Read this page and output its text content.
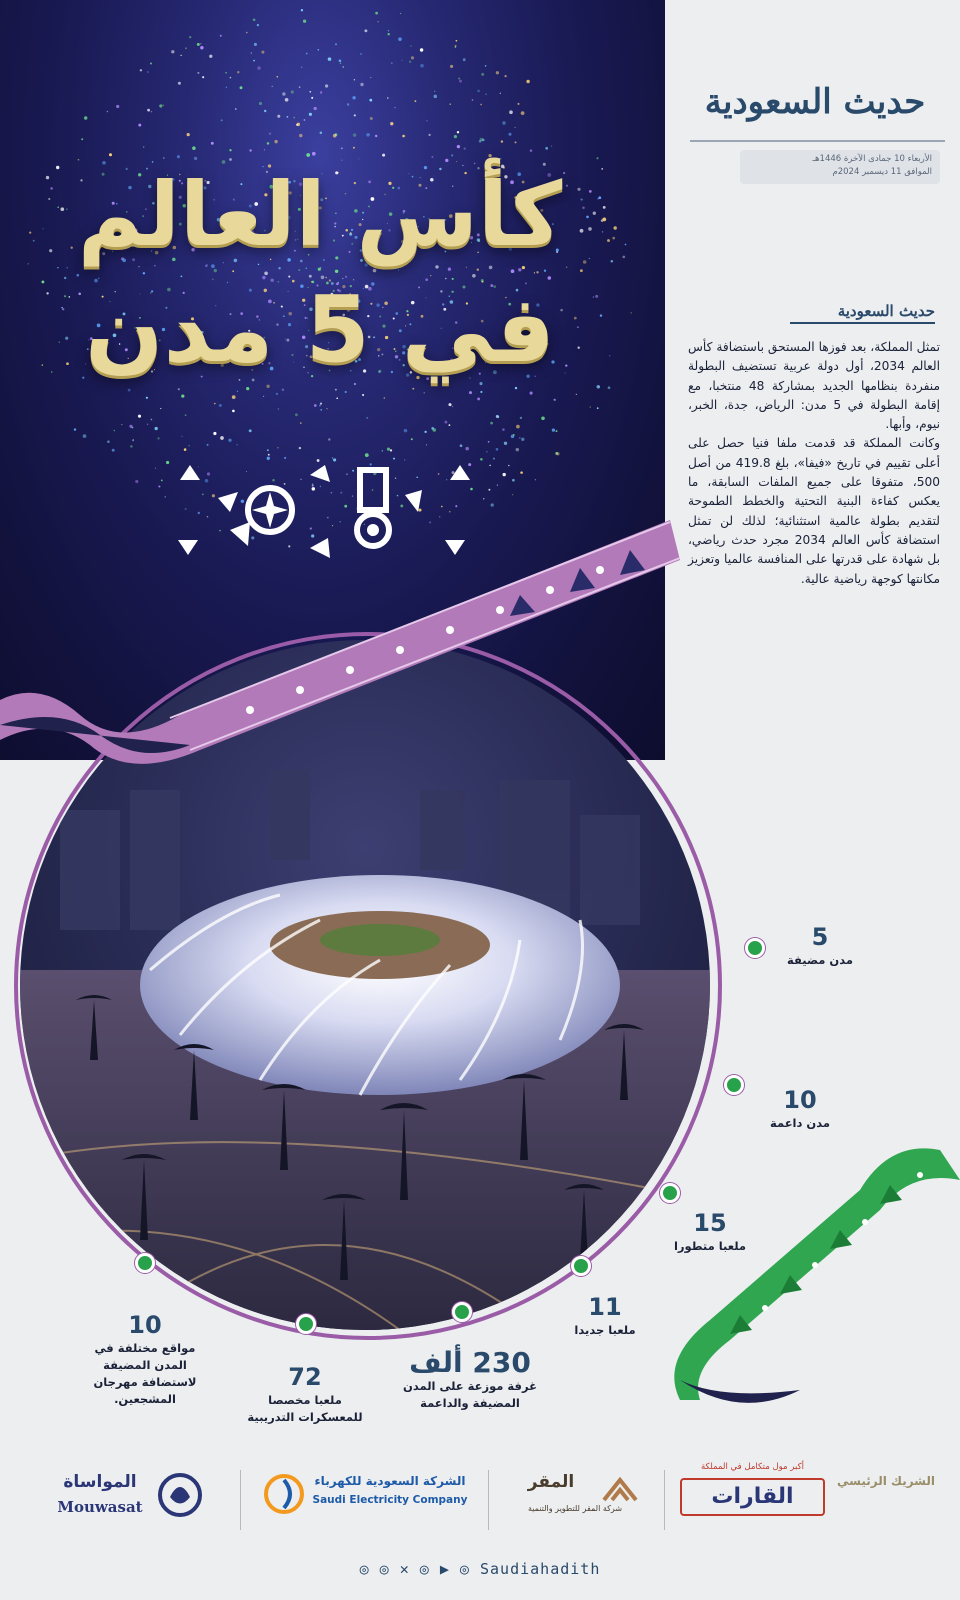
كأس العالم
في 5 مدن
حديث السعودية
الأربعاء 10 جمادى الآخرة 1446هـ
الموافق 11 ديسمبر 2024م
حديث السعودية

تمثل المملكة، بعد فوزها المستحق باستضافة كأس العالم 2034، أول دولة عربية تستضيف البطولة منفردة بنظامها الجديد بمشاركة 48 منتخبا، مع إقامة البطولة في 5 مدن: الرياض، جدة، الخبر، نيوم، وأبها.

وكانت المملكة قد قدمت ملفا فنيا حصل على أعلى تقييم في تاريخ «فيفا»، بلغ 419.8 من أصل 500، متفوقا على جميع الملفات السابقة، ما يعكس كفاءة البنية التحتية والخطط الطموحة لتقديم بطولة عالمية استثنائية؛ لذلك لن تمثل استضافة كأس العالم 2034 مجرد حدث رياضي، بل شهادة على قدرتها على المنافسة عالميا وتعزيز مكانتها كوجهة رياضية عالية.

5
مدن مضيفة
10
مدن داعمة
15
ملعبا متطورا
11
ملعبا جديدا
230 ألف
غرفة موزعة على المدن المضيفة والداعمة
72
ملعبا مخصصا للمعسكرات التدريبية
10
مواقع مختلفة في المدن المضيفة لاستضافة مهرجان المشجعين.
المواساة
Mouwasat
الشركة السعودية للكهرباء
Saudi Electricity Company
المقر
شركة المقر للتطوير والتنمية
أكبر مول متكامل في المملكة
القارات
الشريك الرئيسي
◎ ◎ ✕ ◎ ▶ ◎ Saudiahadith
